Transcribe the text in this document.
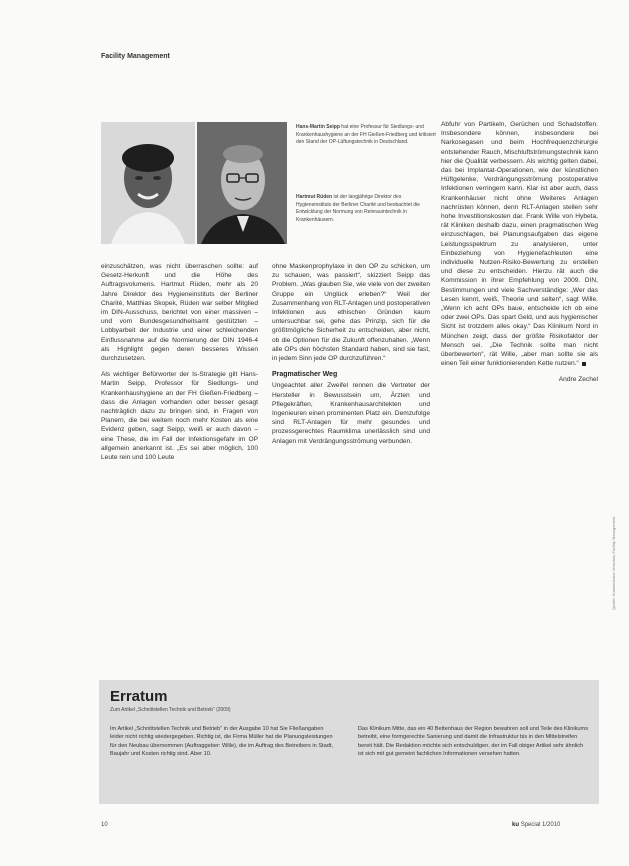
Facility Management
Hans-Martin Seipp hat eine Professur für Siedlungs- und Krankenhaushygiene an der FH Gießen-Friedberg und kritisiert den Stand der OP-Lüftungstechnik in Deutschland.
Hartmut Rüden ist der langjährige Direktor des Hygieneinstituts der Berliner Charité und beobachtet die Entwicklung der Normung von Reinraumtechnik in Krankenhäusern.

einzuschätzen, was nicht überraschen sollte: auf Gesetz-Herkunft und die Höhe des Auftragsvolumens. Hartmut Rüden, mehr als 20 Jahre Direktor des Hygieneinstituts der Berliner Charité, Matthias Skopek, Rüden war selber Mitglied im DIN-Ausschuss, berichtet von einer massiven – und vom Bundesgesundheitsamt gestützten – Lobbyarbeit der Industrie und einer schleichenden Einflussnahme auf die Normierung der DIN 1946-4 als Highlight gegen deren besseres Wissen durchzusetzen.

Als wichtiger Befürworter der Is-Strategie gilt Hans-Martin Seipp, Professor für Siedlungs- und Krankenhaushygiene an der FH Gießen-Friedberg – dass die Anlagen vorhanden oder besser gesagt nachträglich dazu zu bringen sind, in Fragen von Planern, die bei weitem noch mehr Kosten als eine Evidenz geben, sagt Seipp, weiß er auch davon – eine These, die im Fall der Infektionsgefahr im OP allgemein anerkannt ist. „Es sei aber möglich, 100 Leute rein und 100 Leute

ohne Maskenprophylaxe in den OP zu schicken, um zu schauen, was passiert“, skizziert Seipp das Problem. „Was glauben Sie, wie viele von der zweiten Gruppe ein Unglück erleben?“ Weil der Zusammenhang von RLT-Anlagen und postoperativen Infektionen aus ethischen Gründen kaum untersuchbar sei, gehe das Prinzip, sich für die größtmögliche Sicherheit zu entscheiden, aber nicht, ob die Optionen für die Zukunft offenzuhalten. „Wenn alle OPs den höchsten Standard haben, sind sie fast, in jedem Sinn jede OP durchzuführen.“

Pragmatischer Weg

Ungeachtet aller Zweifel rennen die Vertreter der Hersteller in Bewusstsein um, Ärzten und Pflegekräften, Krankenhausarchitekten und Ingenieuren einen prominenten Platz ein. Demzufolge sind RLT-Anlagen für mehr gesundes und prozessgerechtes Raumklima unerlässlich sind und Anlagen mit Verdrängungsströmung verbunden.

Abfuhr von Partikeln, Gerüchen und Schadstoffen. Insbesondere können, insbesondere bei Narkosegasen und beim Hochfrequenzchirurgie entstehender Rauch, Mischluftströmungstechnik kann hier die Qualität verbessern. Als wichtig gelten dabei, das bei Implantat-Operationen, wie der künstlichen Hüftgelenke, Verdrängungsströmung postoperative Infektionen verringern kann. Klar ist aber auch, dass Krankenhäuser nicht ohne Weiteres Anlagen nachrüsten können, denn RLT-Anlagen stellen sehr hohe Investitionskosten dar. Frank Wille von Hybeta, rät Kliniken deshalb dazu, einen pragmatischen Weg einzuschlagen, bei Planungsaufgaben das eigene Leistungsspektrum zu analysieren, unter Einbeziehung von Hygienefachleuten eine individuelle Nutzen-Risiko-Bewertung zu erstellen und diese zu entscheiden. Hierzu rät auch die Kommission in ihrer Empfehlung von 2009. DIN, Bestimmungen und viele Sachverständige: „Wer das Lesen kennt, weiß, Theorie und selten“, sagt Wille. „Wenn ich acht OPs baue, entscheide ich ob eine oder zwei OPs. Das spart Geld, und aus hygienischer Sicht ist trotzdem alles okay.“ Das Klinikum Nord in München zeigt, dass der größte Risikofaktor der Mensch sei. „Die Technik sollte man nicht überbewerten“, rät Wille, „aber man sollte sie als einen Teil einer funktionierenden Kette nutzen.“

Andre Zechel
Quelle: Krankenhaus Umschau Facility Management
Erratum
Zum Artikel „Schnittstellen Technik und Betrieb“ (2009)
Im Artikel „Schnittstellen Technik und Betrieb“ in der Ausgabe 10 hat Sie Fließangaben leider nicht richtig wiedergegeben. Richtig ist, die Firma Müller hat die Planungsleistungen für den Neubau übernommen (Auftraggeber: Wille), die im Auftrag des Betreibers in Stadt, Baujahr und Kosten richtig sind. Aber 10.
Das Klinikum Mitte, das ein 40 Bettenhaus der Region bewahren soll und Teile des Klinikums betreibt, eine formgerechte Sanierung und damit die Infrastruktur bis in den Mittelstreifen bereit hält. Die Redaktion möchte sich entschuldigen, der im Fall obiger Artikel sehr ähnlich ist sich mit gut gemeint fachlichen Informationen versehen hatten.
10	ku Special 1/2010
